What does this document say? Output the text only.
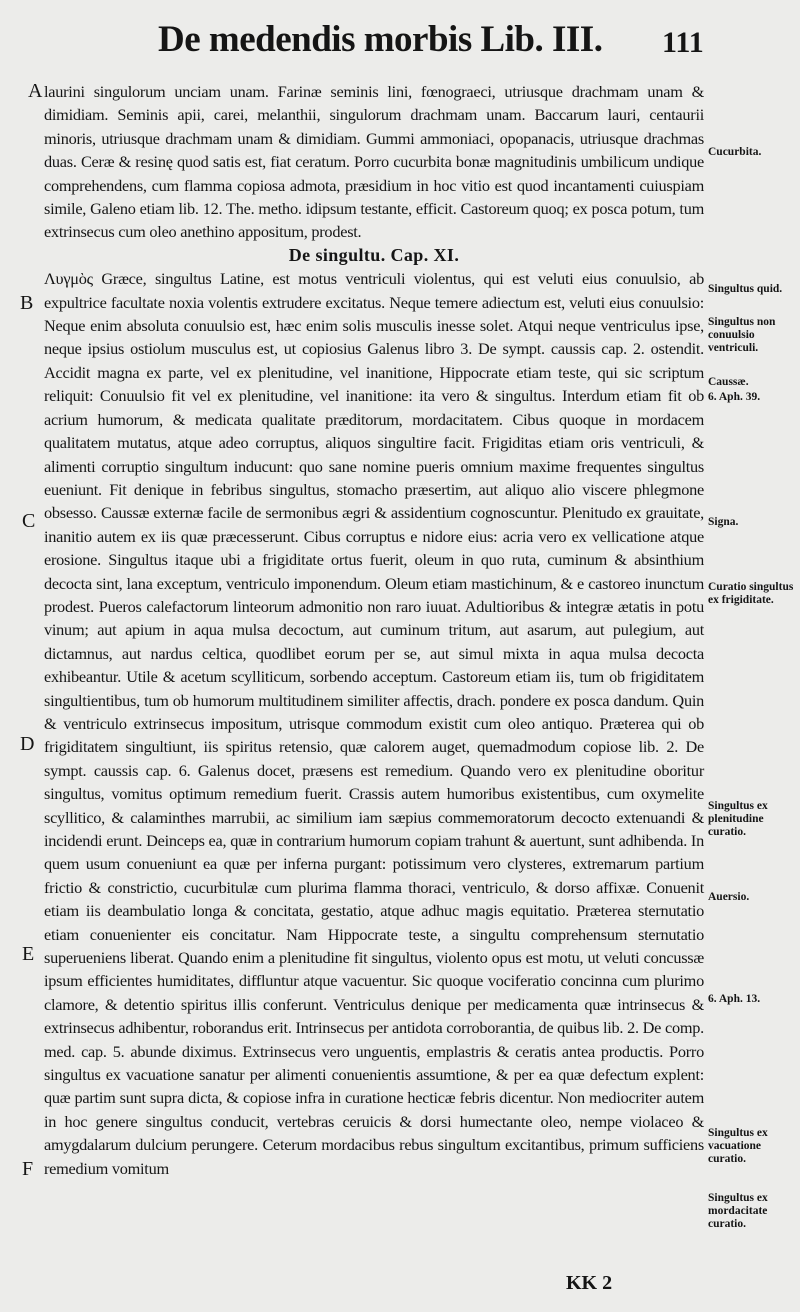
De medendis morbis Lib. III. 111
A
B
C
D
E
F

laurini singulorum unciam unam. Farinæ seminis lini, fœnograeci, utriusque drachmam unam & dimidiam. Seminis apii, carei, melanthii, singulorum drachmam unam. Baccarum lauri, centaurii minoris, utriusque drachmam unam & dimidiam. Gummi ammoniaci, opopanacis, utriusque drachmas duas. Ceræ & resinę quod satis est, fiat ceratum. Porro cucurbita bonæ magnitudinis umbilicum undique comprehendens, cum flamma copiosa admota, præsidium in hoc vitio est quod incantamenti cuiuspiam simile, Galeno etiam lib. 12. The. metho. idipsum testante, efficit. Castoreum quoq; ex posca potum, tum extrinsecus cum oleo anethino appositum, prodest.

De singultu. Cap. XI.

Λυγμὸς Græce, singultus Latine, est motus ventriculi violentus, qui est veluti eius conuulsio, ab expultrice facultate noxia volentis extrudere excitatus. Neque temere adiectum est, veluti eius conuulsio: Neque enim absoluta conuulsio est, hæc enim solis musculis inesse solet. Atqui neque ventriculus ipse, neque ipsius ostiolum musculus est, ut copiosius Galenus libro 3. De sympt. caussis cap. 2. ostendit. Accidit magna ex parte, vel ex plenitudine, vel inanitione, Hippocrate etiam teste, qui sic scriptum reliquit: Conuulsio fit vel ex plenitudine, vel inanitione: ita vero & singultus. Interdum etiam fit ob acrium humorum, & medicata qualitate præditorum, mordacitatem. Cibus quoque in mordacem qualitatem mutatus, atque adeo corruptus, aliquos singultire facit. Frigiditas etiam oris ventriculi, & alimenti corruptio singultum inducunt: quo sane nomine pueris omnium maxime frequentes singultus eueniunt. Fit denique in febribus singultus, stomacho præsertim, aut aliquo alio viscere phlegmone obsesso. Caussæ externæ facile de sermonibus ægri & assidentium cognoscuntur. Plenitudo ex grauitate, inanitio autem ex iis quæ præcesserunt. Cibus corruptus e nidore eius: acria vero ex vellicatione atque erosione. Singultus itaque ubi a frigiditate ortus fuerit, oleum in quo ruta, cuminum & absinthium decocta sint, lana exceptum, ventriculo imponendum. Oleum etiam mastichinum, & e castoreo inunctum prodest. Pueros calefactorum linteorum admonitio non raro iuuat. Adultioribus & integræ ætatis in potu vinum; aut apium in aqua mulsa decoctum, aut cuminum tritum, aut asarum, aut pulegium, aut dictamnus, aut nardus celtica, quodlibet eorum per se, aut simul mixta in aqua mulsa decocta exhibeantur. Utile & acetum scylliticum, sorbendo acceptum. Castoreum etiam iis, tum ob frigiditatem singultientibus, tum ob humorum multitudinem similiter affectis, drach. pondere ex posca dandum. Quin & ventriculo extrinsecus impositum, utrisque commodum existit cum oleo antiquo. Præterea qui ob frigiditatem singultiunt, iis spiritus retensio, quæ calorem auget, quemadmodum copiose lib. 2. De sympt. caussis cap. 6. Galenus docet, præsens est remedium. Quando vero ex plenitudine oboritur singultus, vomitus optimum remedium fuerit. Crassis autem humoribus existentibus, cum oxymelite scyllitico, & calaminthes marrubii, ac similium iam sæpius commemoratorum decocto extenuandi & incidendi erunt. Deinceps ea, quæ in contrarium humorum copiam trahunt & auertunt, sunt adhibenda. In quem usum conueniunt ea quæ per inferna purgant: potissimum vero clysteres, extremarum partium frictio & constrictio, cucurbitulæ cum plurima flamma thoraci, ventriculo, & dorso affixæ. Conuenit etiam iis deambulatio longa & concitata, gestatio, atque adhuc magis equitatio. Præterea sternutatio etiam conuenienter eis concitatur. Nam Hippocrate teste, a singultu comprehensum sternutatio superueniens liberat. Quando enim a plenitudine fit singultus, violento opus est motu, ut veluti concussæ ipsum efficientes humiditates, diffluntur atque vacuentur. Sic quoque vociferatio concinna cum plurimo clamore, & detentio spiritus illis conferunt. Ventriculus denique per medicamenta quæ intrinsecus & extrinsecus adhibentur, roborandus erit. Intrinsecus per antidota corroborantia, de quibus lib. 2. De comp. med. cap. 5. abunde diximus. Extrinsecus vero unguentis, emplastris & ceratis antea productis. Porro singultus ex vacuatione sanatur per alimenti conuenientis assumtione, & per ea quæ defectum explent: quæ partim sunt supra dicta, & copiose infra in curatione hecticæ febris dicentur. Non mediocriter autem in hoc genere singultus conducit, vertebras ceruicis & dorsi humectante oleo, nempe violaceo & amygdalarum dulcium perungere. Ceterum mordacibus rebus singultum excitantibus, primum sufficiens remedium vomitum

Cucurbita.
Singultus quid.
Singultus non conuulsio ventriculi.
Caussæ.
6. Aph. 39.
Signa.
Curatio singultus ex frigiditate.
Singultus ex plenitudine curatio.
Auersio.
6. Aph. 13.
Singultus ex vacuatione curatio.
Singultus ex mordacitate curatio.
KK 2
